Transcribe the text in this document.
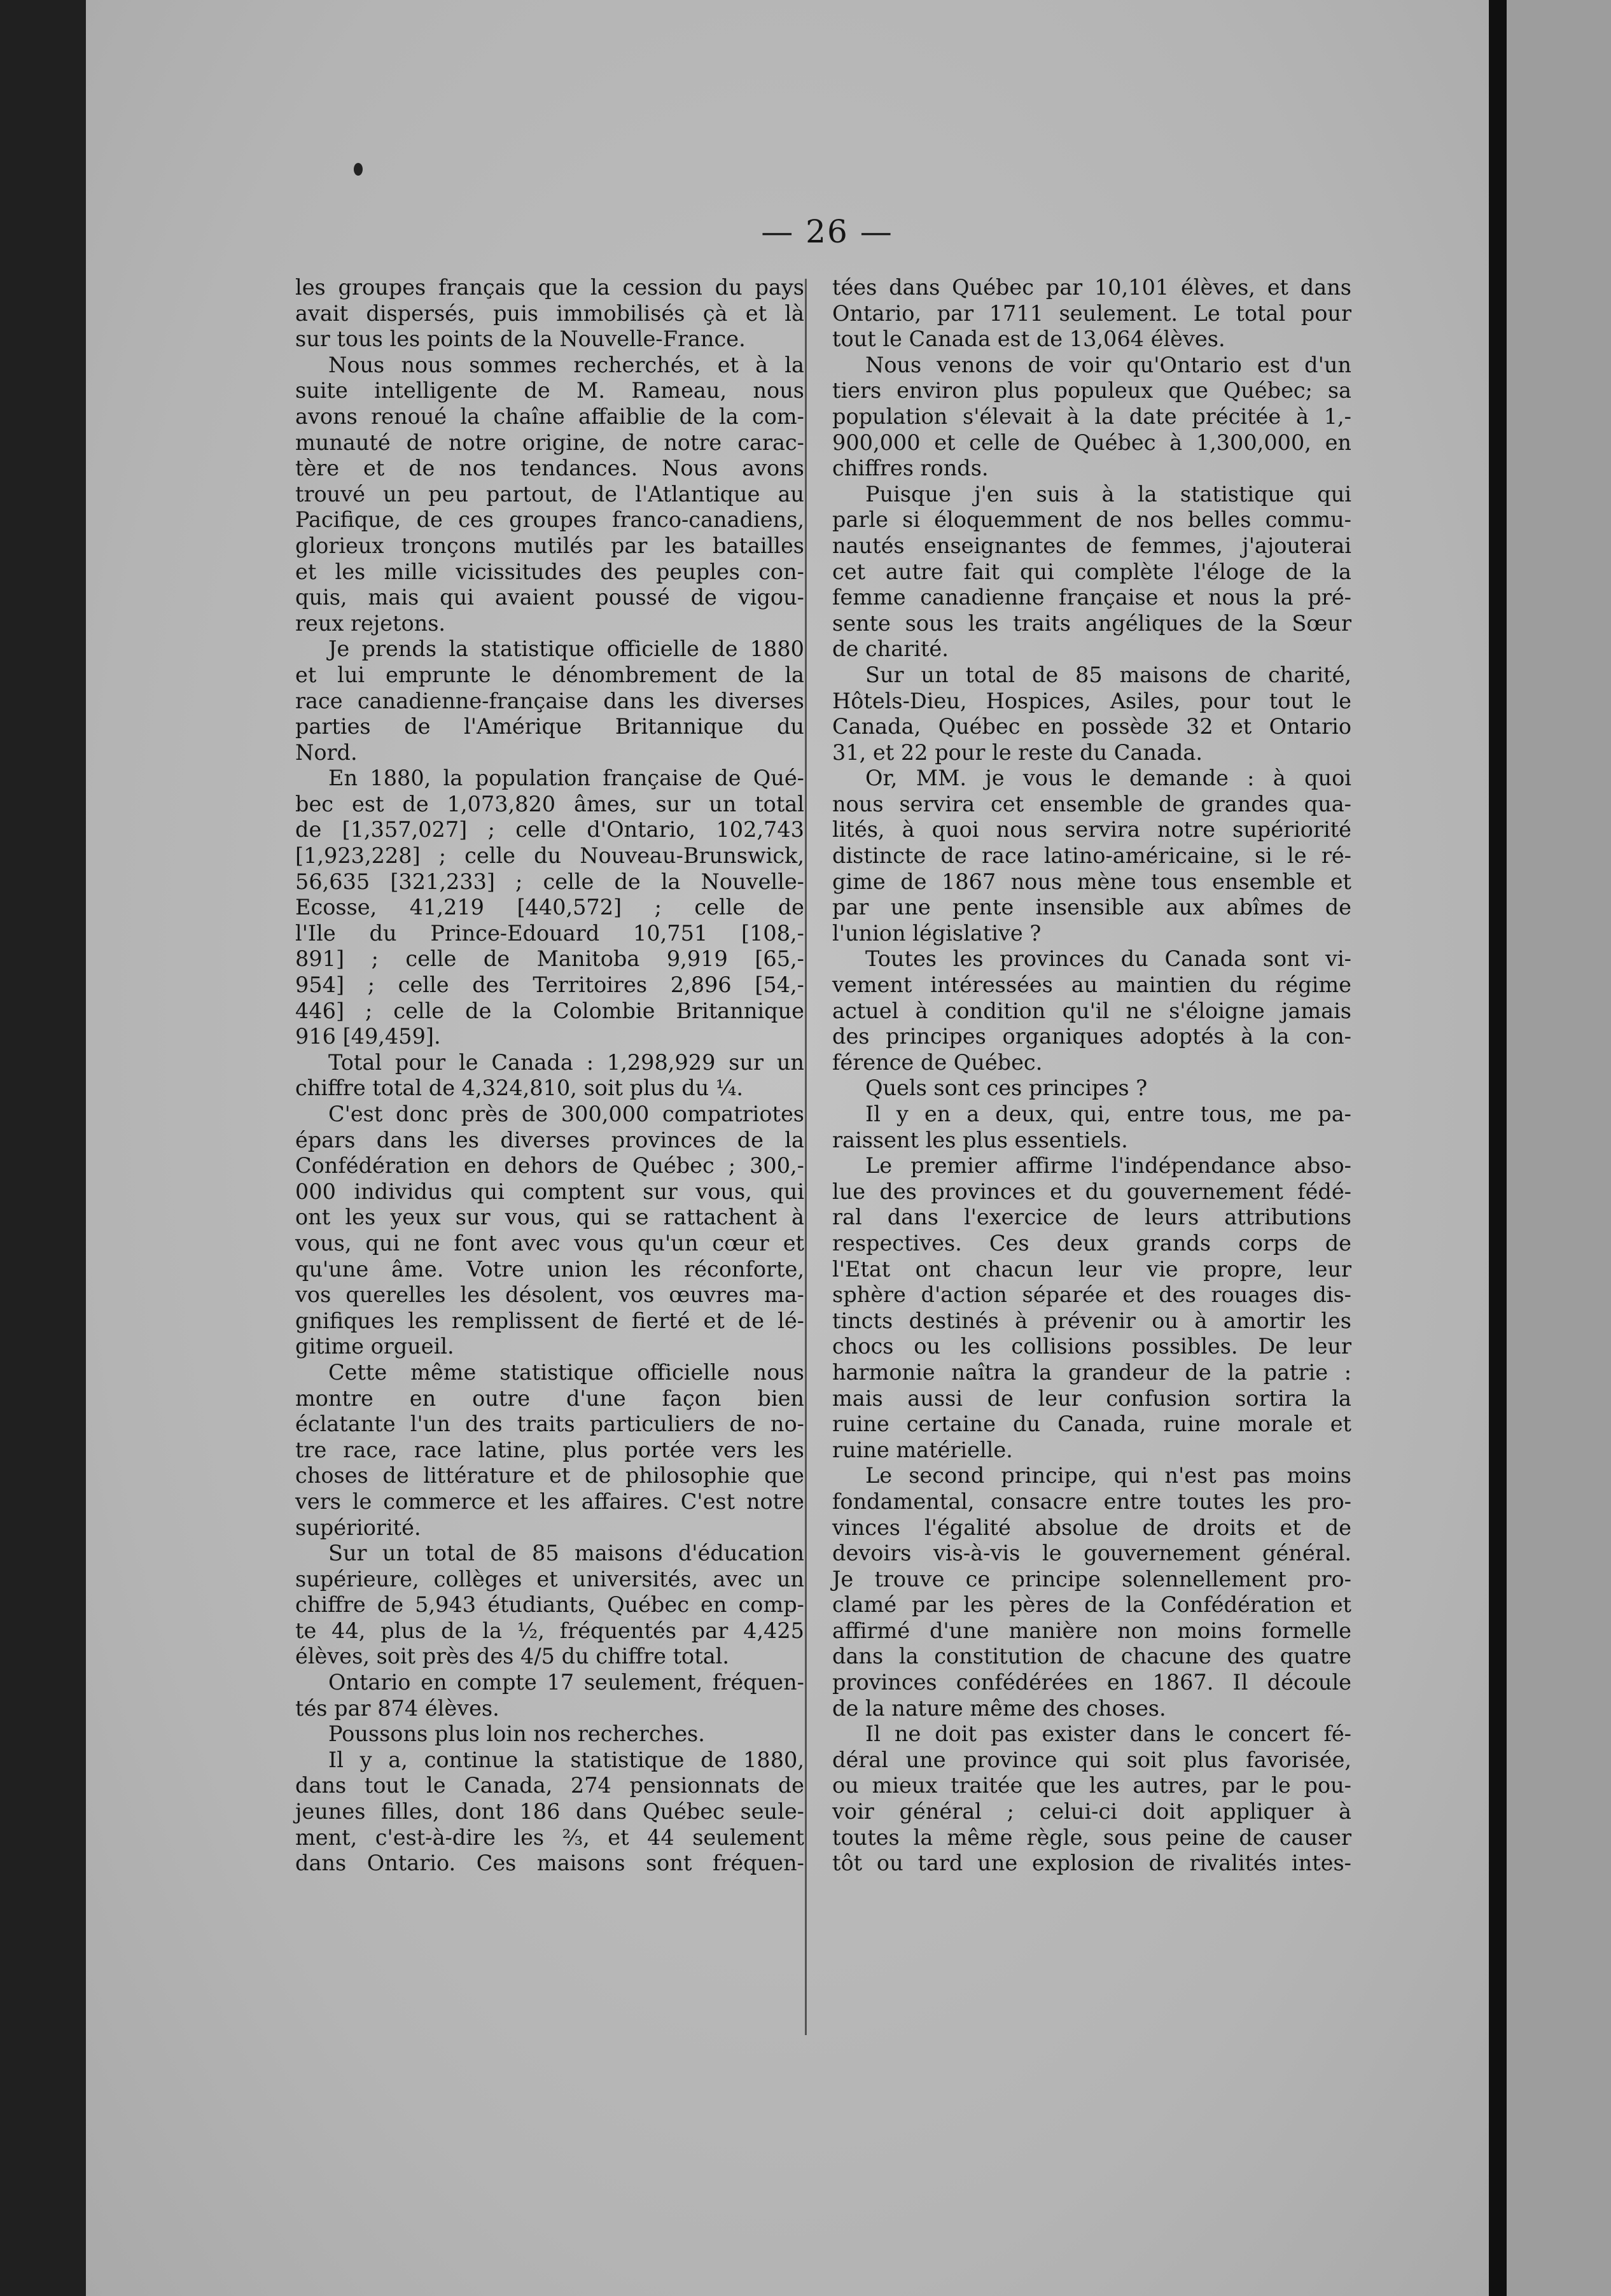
— 26 —
les groupes français que la cession du pays
avait dispersés, puis immobilisés çà et là
sur tous les points de la Nouvelle-France.
Nous nous sommes recherchés, et à la
suite intelligente de M. Rameau, nous
avons renoué la chaîne affaiblie de la com-
munauté de notre origine, de notre carac-
tère et de nos tendances. Nous avons
trouvé un peu partout, de l'Atlantique au
Pacifique, de ces groupes franco-canadiens,
glorieux tronçons mutilés par les batailles
et les mille vicissitudes des peuples con-
quis, mais qui avaient poussé de vigou-
reux rejetons.
Je prends la statistique officielle de 1880
et lui emprunte le dénombrement de la
race canadienne-française dans les diverses
parties de l'Amérique Britannique du
Nord.
En 1880, la population française de Qué-
bec est de 1,073,820 âmes, sur un total
de [1,357,027] ; celle d'Ontario, 102,743
[1,923,228] ; celle du Nouveau-Brunswick,
56,635 [321,233] ; celle de la Nouvelle-
Ecosse, 41,219 [440,572] ; celle de
l'Ile du Prince-Edouard 10,751 [108,-
891] ; celle de Manitoba 9,919 [65,-
954] ; celle des Territoires 2,896 [54,-
446] ; celle de la Colombie Britannique
916 [49,459].
Total pour le Canada : 1,298,929 sur un
chiffre total de 4,324,810, soit plus du ¼.
C'est donc près de 300,000 compatriotes
épars dans les diverses provinces de la
Confédération en dehors de Québec ; 300,-
000 individus qui comptent sur vous, qui
ont les yeux sur vous, qui se rattachent à
vous, qui ne font avec vous qu'un cœur et
qu'une âme. Votre union les réconforte,
vos querelles les désolent, vos œuvres ma-
gnifiques les remplissent de fierté et de lé-
gitime orgueil.
Cette même statistique officielle nous
montre en outre d'une façon bien
éclatante l'un des traits particuliers de no-
tre race, race latine, plus portée vers les
choses de littérature et de philosophie que
vers le commerce et les affaires. C'est notre
supériorité.
Sur un total de 85 maisons d'éducation
supérieure, collèges et universités, avec un
chiffre de 5,943 étudiants, Québec en comp-
te 44, plus de la ½, fréquentés par 4,425
élèves, soit près des 4/5 du chiffre total.
Ontario en compte 17 seulement, fréquen-
tés par 874 élèves.
Poussons plus loin nos recherches.
Il y a, continue la statistique de 1880,
dans tout le Canada, 274 pensionnats de
jeunes filles, dont 186 dans Québec seule-
ment, c'est-à-dire les ⅔, et 44 seulement
dans Ontario. Ces maisons sont fréquen-
tées dans Québec par 10,101 élèves, et dans
Ontario, par 1711 seulement. Le total pour
tout le Canada est de 13,064 élèves.
Nous venons de voir qu'Ontario est d'un
tiers environ plus populeux que Québec; sa
population s'élevait à la date précitée à 1,-
900,000 et celle de Québec à 1,300,000, en
chiffres ronds.
Puisque j'en suis à la statistique qui
parle si éloquemment de nos belles commu-
nautés enseignantes de femmes, j'ajouterai
cet autre fait qui complète l'éloge de la
femme canadienne française et nous la pré-
sente sous les traits angéliques de la Sœur
de charité.
Sur un total de 85 maisons de charité,
Hôtels-Dieu, Hospices, Asiles, pour tout le
Canada, Québec en possède 32 et Ontario
31, et 22 pour le reste du Canada.
Or, MM. je vous le demande : à quoi
nous servira cet ensemble de grandes qua-
lités, à quoi nous servira notre supériorité
distincte de race latino-américaine, si le ré-
gime de 1867 nous mène tous ensemble et
par une pente insensible aux abîmes de
l'union législative ?
Toutes les provinces du Canada sont vi-
vement intéressées au maintien du régime
actuel à condition qu'il ne s'éloigne jamais
des principes organiques adoptés à la con-
férence de Québec.
Quels sont ces principes ?
Il y en a deux, qui, entre tous, me pa-
raissent les plus essentiels.
Le premier affirme l'indépendance abso-
lue des provinces et du gouvernement fédé-
ral dans l'exercice de leurs attributions
respectives. Ces deux grands corps de
l'Etat ont chacun leur vie propre, leur
sphère d'action séparée et des rouages dis-
tincts destinés à prévenir ou à amortir les
chocs ou les collisions possibles. De leur
harmonie naîtra la grandeur de la patrie :
mais aussi de leur confusion sortira la
ruine certaine du Canada, ruine morale et
ruine matérielle.
Le second principe, qui n'est pas moins
fondamental, consacre entre toutes les pro-
vinces l'égalité absolue de droits et de
devoirs vis-à-vis le gouvernement général.
Je trouve ce principe solennellement pro-
clamé par les pères de la Confédération et
affirmé d'une manière non moins formelle
dans la constitution de chacune des quatre
provinces confédérées en 1867. Il découle
de la nature même des choses.
Il ne doit pas exister dans le concert fé-
déral une province qui soit plus favorisée,
ou mieux traitée que les autres, par le pou-
voir général ; celui-ci doit appliquer à
toutes la même règle, sous peine de causer
tôt ou tard une explosion de rivalités intes-
